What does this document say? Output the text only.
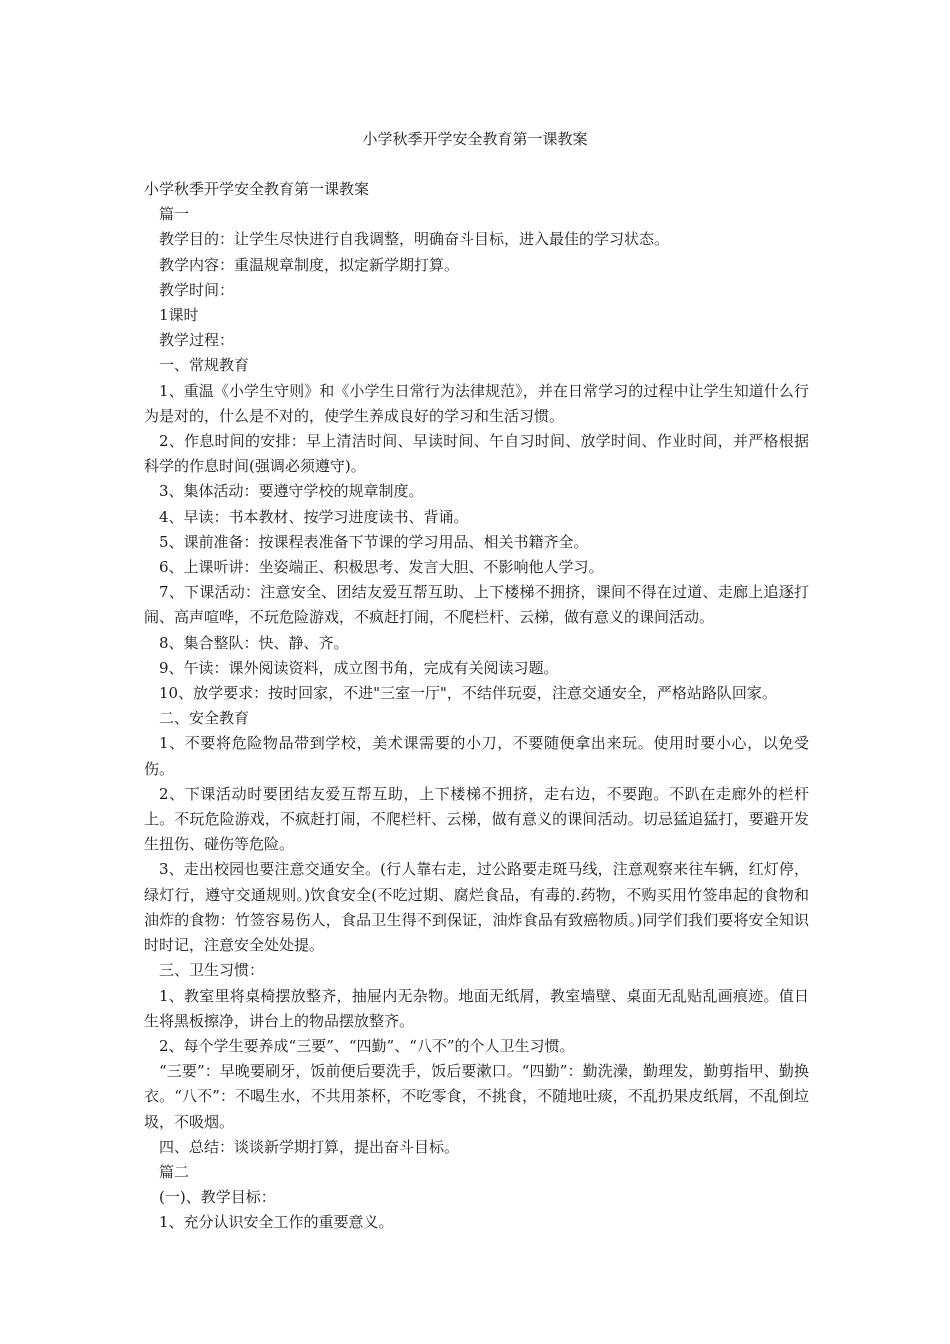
小学秋季开学安全教育第一课教案

小学秋季开学安全教育第一课教案

篇一

教学目的：让学生尽快进行自我调整，明确奋斗目标，进入最佳的学习状态。

教学内容：重温规章制度，拟定新学期打算。

教学时间：

1课时

教学过程：

一、常规教育

1、重温《小学生守则》和《小学生日常行为法律规范》，并在日常学习的过程中让学生知道什么行为是对的，什么是不对的，使学生养成良好的学习和生活习惯。

2、作息时间的安排：早上清洁时间、早读时间、午自习时间、放学时间、作业时间，并严格根据科学的作息时间(强调必须遵守)。

3、集体活动：要遵守学校的规章制度。

4、早读：书本教材、按学习进度读书、背诵。

5、课前准备：按课程表准备下节课的学习用品、相关书籍齐全。

6、上课听讲：坐姿端正、积极思考、发言大胆、不影响他人学习。

7、下课活动：注意安全、团结友爱互帮互助、上下楼梯不拥挤，课间不得在过道、走廊上追逐打闹、高声喧哗，不玩危险游戏，不疯赶打闹，不爬栏杆、云梯，做有意义的课间活动。

8、集合整队：快、静、齐。

9、午读：课外阅读资料，成立图书角，完成有关阅读习题。

10、放学要求：按时回家，不进"三室一厅"，不结伴玩耍，注意交通安全，严格站路队回家。

二、安全教育

1、不要将危险物品带到学校，美术课需要的小刀，不要随便拿出来玩。使用时要小心，以免受伤。

2、下课活动时要团结友爱互帮互助，上下楼梯不拥挤，走右边，不要跑。不趴在走廊外的栏杆上。不玩危险游戏，不疯赶打闹，不爬栏杆、云梯，做有意义的课间活动。切忌猛追猛打，要避开发生扭伤、碰伤等危险。

3、走出校园也要注意交通安全。(行人靠右走，过公路要走斑马线，注意观察来往车辆，红灯停，绿灯行，遵守交通规则。)饮食安全(不吃过期、腐烂食品，有毒的.药物，不购买用竹签串起的食物和油炸的食物：竹签容易伤人，食品卫生得不到保证，油炸食品有致癌物质。)同学们我们要将安全知识时时记，注意安全处处提。

三、卫生习惯：

1、教室里将桌椅摆放整齐，抽屉内无杂物。地面无纸屑，教室墙壁、桌面无乱贴乱画痕迹。值日生将黑板擦净，讲台上的物品摆放整齐。

2、每个学生要养成“三要”、“四勤”、“八不”的个人卫生习惯。

“三要”：早晚要刷牙，饭前便后要洗手，饭后要漱口。“四勤”：勤洗澡，勤理发，勤剪指甲、勤换衣。“八不”：不喝生水，不共用茶杯，不吃零食，不挑食，不随地吐痰，不乱扔果皮纸屑，不乱倒垃圾，不吸烟。

四、总结：谈谈新学期打算，提出奋斗目标。

篇二

(一)、教学目标：

1、充分认识安全工作的重要意义。
